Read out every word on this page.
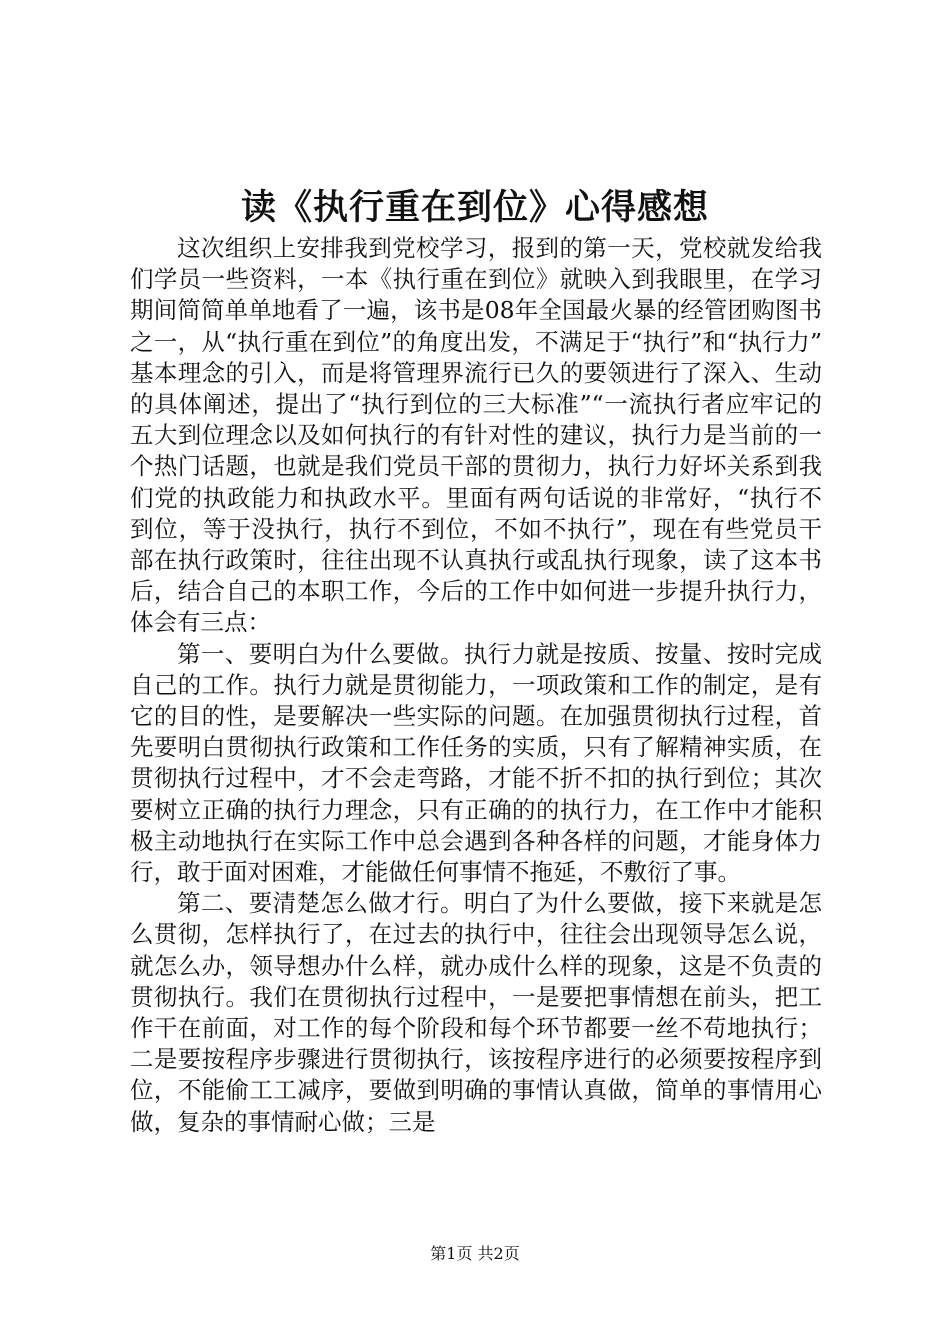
读《执行重在到位》心得感想

这次组织上安排我到党校学习，报到的第一天，党校就发给我们学员一些资料，一本《执行重在到位》就映入到我眼里，在学习期间简简单单地看了一遍，该书是08年全国最火暴的经管团购图书之一，从“执行重在到位”的角度出发，不满足于“执行”和“执行力”基本理念的引入，而是将管理界流行已久的要领进行了深入、生动的具体阐述，提出了“执行到位的三大标准”“一流执行者应牢记的五大到位理念以及如何执行的有针对性的建议，执行力是当前的一个热门话题，也就是我们党员干部的贯彻力，执行力好坏关系到我们党的执政能力和执政水平。里面有两句话说的非常好，“执行不到位，等于没执行，执行不到位，不如不执行”，现在有些党员干部在执行政策时，往往出现不认真执行或乱执行现象，读了这本书后，结合自己的本职工作，今后的工作中如何进一步提升执行力，体会有三点：

第一、要明白为什么要做。执行力就是按质、按量、按时完成自己的工作。执行力就是贯彻能力，一项政策和工作的制定，是有它的目的性，是要解决一些实际的问题。在加强贯彻执行过程，首先要明白贯彻执行政策和工作任务的实质，只有了解精神实质，在贯彻执行过程中，才不会走弯路，才能不折不扣的执行到位；其次要树立正确的执行力理念，只有正确的的执行力，在工作中才能积极主动地执行在实际工作中总会遇到各种各样的问题，才能身体力行，敢于面对困难，才能做任何事情不拖延，不敷衍了事。

第二、要清楚怎么做才行。明白了为什么要做，接下来就是怎么贯彻，怎样执行了，在过去的执行中，往往会出现领导怎么说，就怎么办，领导想办什么样，就办成什么样的现象，这是不负责的贯彻执行。我们在贯彻执行过程中，一是要把事情想在前头，把工作干在前面，对工作的每个阶段和每个环节都要一丝不苟地执行；二是要按程序步骤进行贯彻执行，该按程序进行的必须要按程序到位，不能偷工工减序，要做到明确的事情认真做，简单的事情用心做，复杂的事情耐心做；三是

第1页 共2页
